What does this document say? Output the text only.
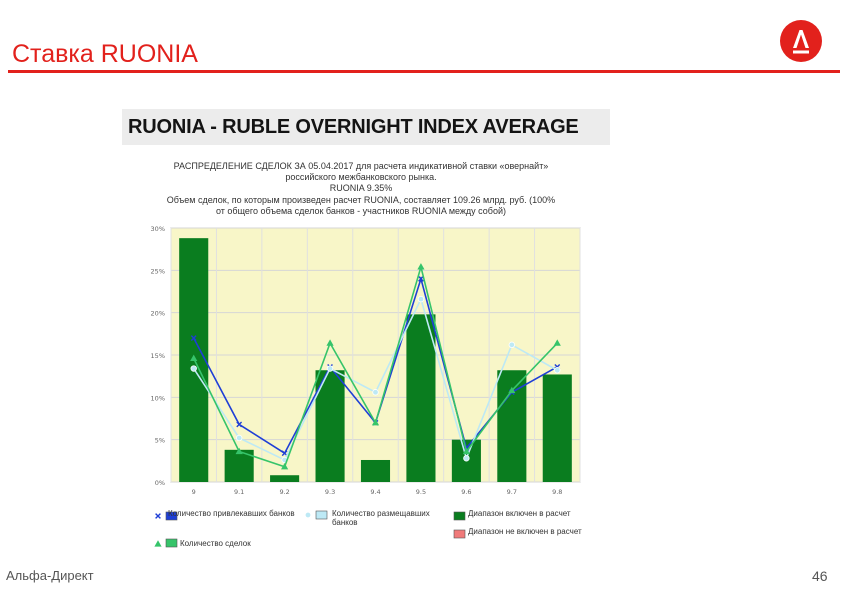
Ставка RUONIA
RUONIA - RUBLE OVERNIGHT INDEX AVERAGE
РАСПРЕДЕЛЕНИЕ СДЕЛОК ЗА 05.04.2017 для расчета индикативной ставки «овернайт»
российского межбанковского рынка.
RUONIA 9.35%
Объем сделок, по которым произведен расчет RUONIA, составляет 109.26 млрд. руб. (100%
от общего объема сделок банков - участников RUONIA между собой)
0%
5%
10%
15%
20%
25%
30%
9	9.1	9.2	9.3	9.4	9.5	9.6	9.7	9.8
Количество привлекавших банков	Количество размещавших банков
Диапазон включен в расчет
Диапазон не включен в расчет
Количество сделок
Альфа-Директ	46
